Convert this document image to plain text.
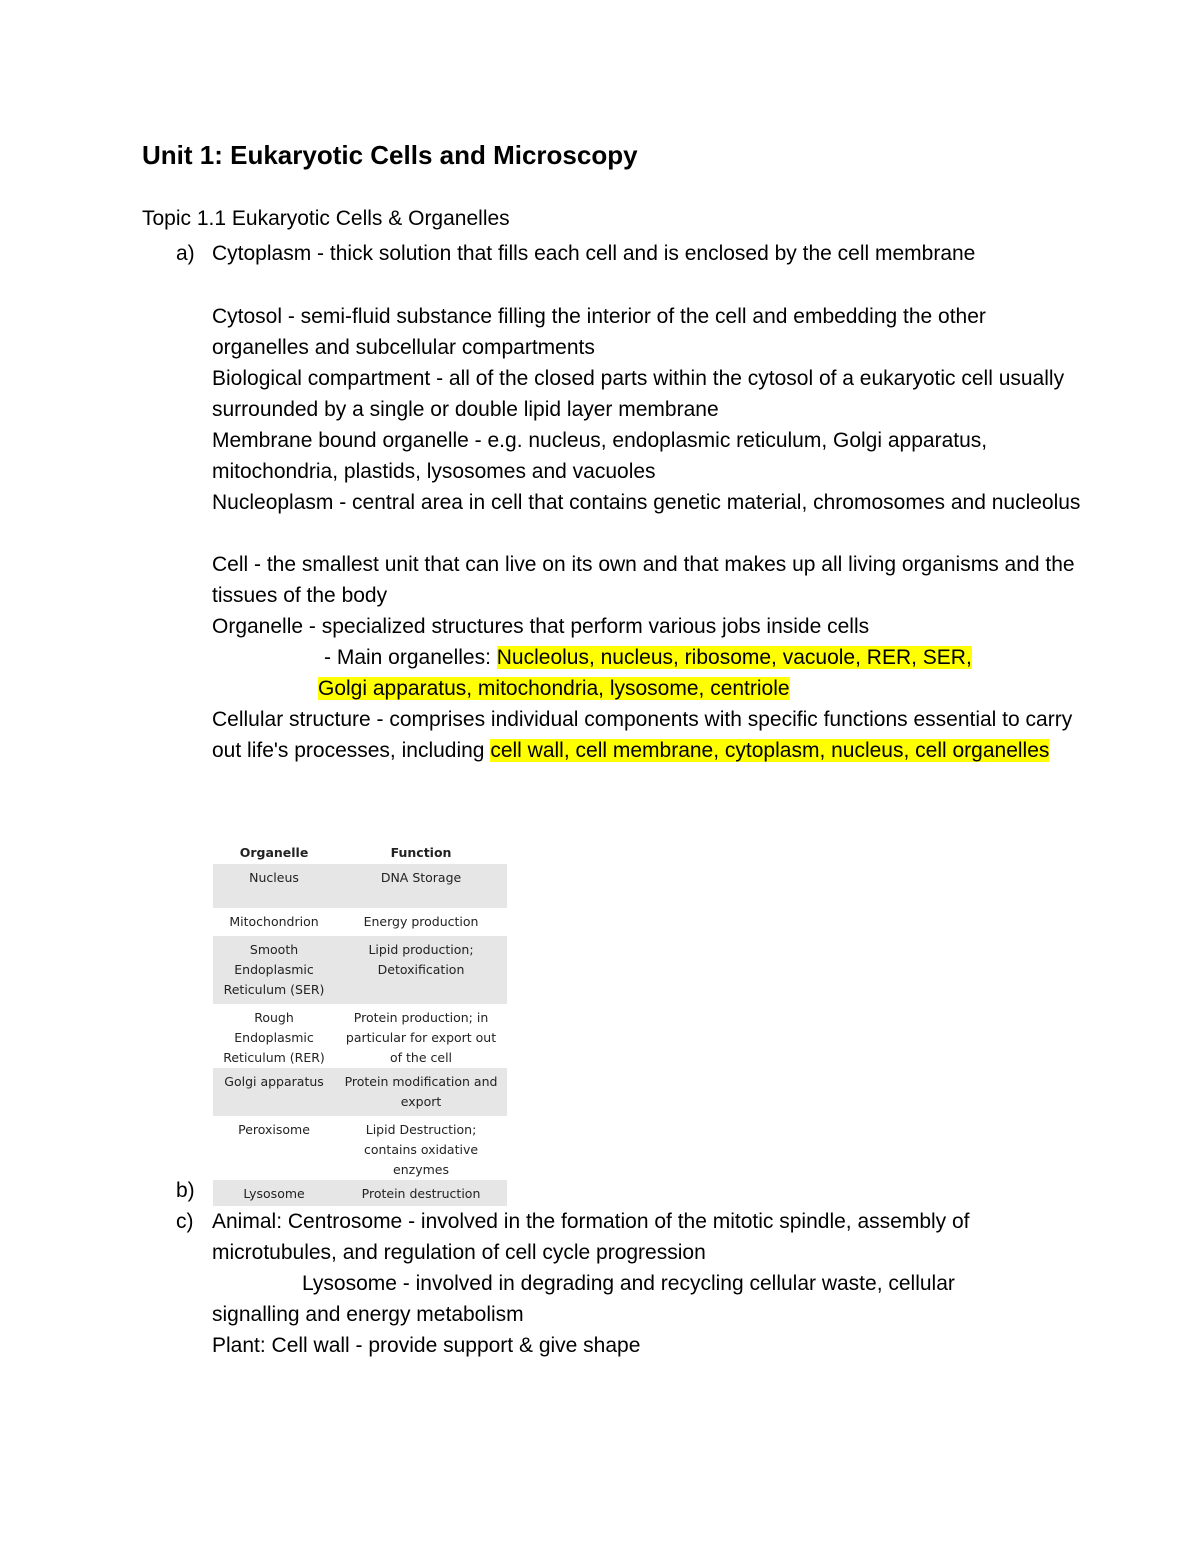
Unit 1: Eukaryotic Cells and Microscopy

Topic 1.1 Eukaryotic Cells & Organelles

a) Cytoplasm - thick solution that fills each cell and is enclosed by the cell membrane

Cytosol - semi-fluid substance filling the interior of the cell and embedding the other organelles and subcellular compartments

Biological compartment - all of the closed parts within the cytosol of a eukaryotic cell usually surrounded by a single or double lipid layer membrane

Membrane bound organelle - e.g. nucleus, endoplasmic reticulum, Golgi apparatus, mitochondria, plastids, lysosomes and vacuoles

Nucleoplasm - central area in cell that contains genetic material, chromosomes and nucleolus

Cell - the smallest unit that can live on its own and that makes up all living organisms and the tissues of the body

Organelle - specialized structures that perform various jobs inside cells

- Main organelles: Nucleolus, nucleus, ribosome, vacuole, RER, SER,
Golgi apparatus, mitochondria, lysosome, centriole

Cellular structure - comprises individual components with specific functions essential to carry out life's processes, including cell wall, cell membrane, cytoplasm, nucleus, cell organelles

Organelle	Function
Nucleus	DNA Storage
Mitochondrion	Energy production
Smooth Endoplasmic Reticulum (SER)	Lipid production; Detoxification
Rough Endoplasmic Reticulum (RER)	Protein production; in particular for export out of the cell
Golgi apparatus	Protein modification and export
Peroxisome	Lipid Destruction; contains oxidative enzymes
Lysosome	Protein destruction
b)
c) Animal: Centrosome - involved in the formation of the mitotic spindle, assembly of microtubules, and regulation of cell cycle progression

Lysosome - involved in degrading and recycling cellular waste, cellular

signalling and energy metabolism

Plant: Cell wall - provide support & give shape
